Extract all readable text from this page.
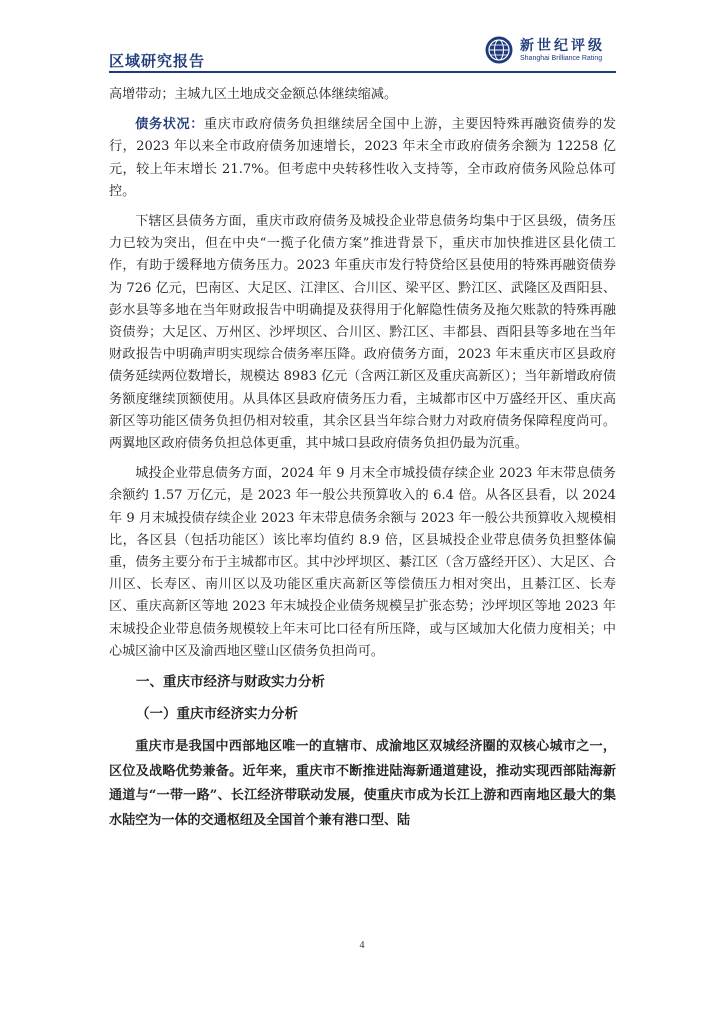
区域研究报告
新世纪评级
Shanghai Brilliance Rating

高增带动；主城九区土地成交金额总体继续缩减。

债务状况：重庆市政府债务负担继续居全国中上游，主要因特殊再融资债券的发行，2023 年以来全市政府债务加速增长，2023 年末全市政府债务余额为 12258 亿元，较上年末增长 21.7%。但考虑中央转移性收入支持等，全市政府债务风险总体可控。

下辖区县债务方面，重庆市政府债务及城投企业带息债务均集中于区县级，债务压力已较为突出，但在中央“一揽子化债方案”推进背景下，重庆市加快推进区县化债工作，有助于缓释地方债务压力。2023 年重庆市发行特贷给区县使用的特殊再融资债券为 726 亿元，巴南区、大足区、江津区、合川区、梁平区、黔江区、武隆区及酉阳县、彭水县等多地在当年财政报告中明确提及获得用于化解隐性债务及拖欠账款的特殊再融资债券；大足区、万州区、沙坪坝区、合川区、黔江区、丰都县、酉阳县等多地在当年财政报告中明确声明实现综合债务率压降。政府债务方面，2023 年末重庆市区县政府债务延续两位数增长，规模达 8983 亿元（含两江新区及重庆高新区）；当年新增政府债务额度继续顶额使用。从具体区县政府债务压力看，主城都市区中万盛经开区、重庆高新区等功能区债务负担仍相对较重，其余区县当年综合财力对政府债务保障程度尚可。两翼地区政府债务负担总体更重，其中城口县政府债务负担仍最为沉重。

城投企业带息债务方面，2024 年 9 月末全市城投债存续企业 2023 年末带息债务余额约 1.57 万亿元，是 2023 年一般公共预算收入的 6.4 倍。从各区县看，以 2024 年 9 月末城投债存续企业 2023 年末带息债务余额与 2023 年一般公共预算收入规模相比，各区县（包括功能区）该比率均值约 8.9 倍，区县城投企业带息债务负担整体偏重，债务主要分布于主城都市区。其中沙坪坝区、綦江区（含万盛经开区）、大足区、合川区、长寿区、南川区以及功能区重庆高新区等偿债压力相对突出，且綦江区、长寿区、重庆高新区等地 2023 年末城投企业债务规模呈扩张态势；沙坪坝区等地 2023 年末城投企业带息债务规模较上年末可比口径有所压降，或与区域加大化债力度相关；中心城区渝中区及渝西地区璧山区债务负担尚可。

一、重庆市经济与财政实力分析
（一）重庆市经济实力分析

重庆市是我国中西部地区唯一的直辖市、成渝地区双城经济圈的双核心城市之一，区位及战略优势兼备。近年来，重庆市不断推进陆海新通道建设，推动实现西部陆海新通道与“一带一路”、长江经济带联动发展，使重庆市成为长江上游和西南地区最大的集水陆空为一体的交通枢纽及全国首个兼有港口型、陆

4
